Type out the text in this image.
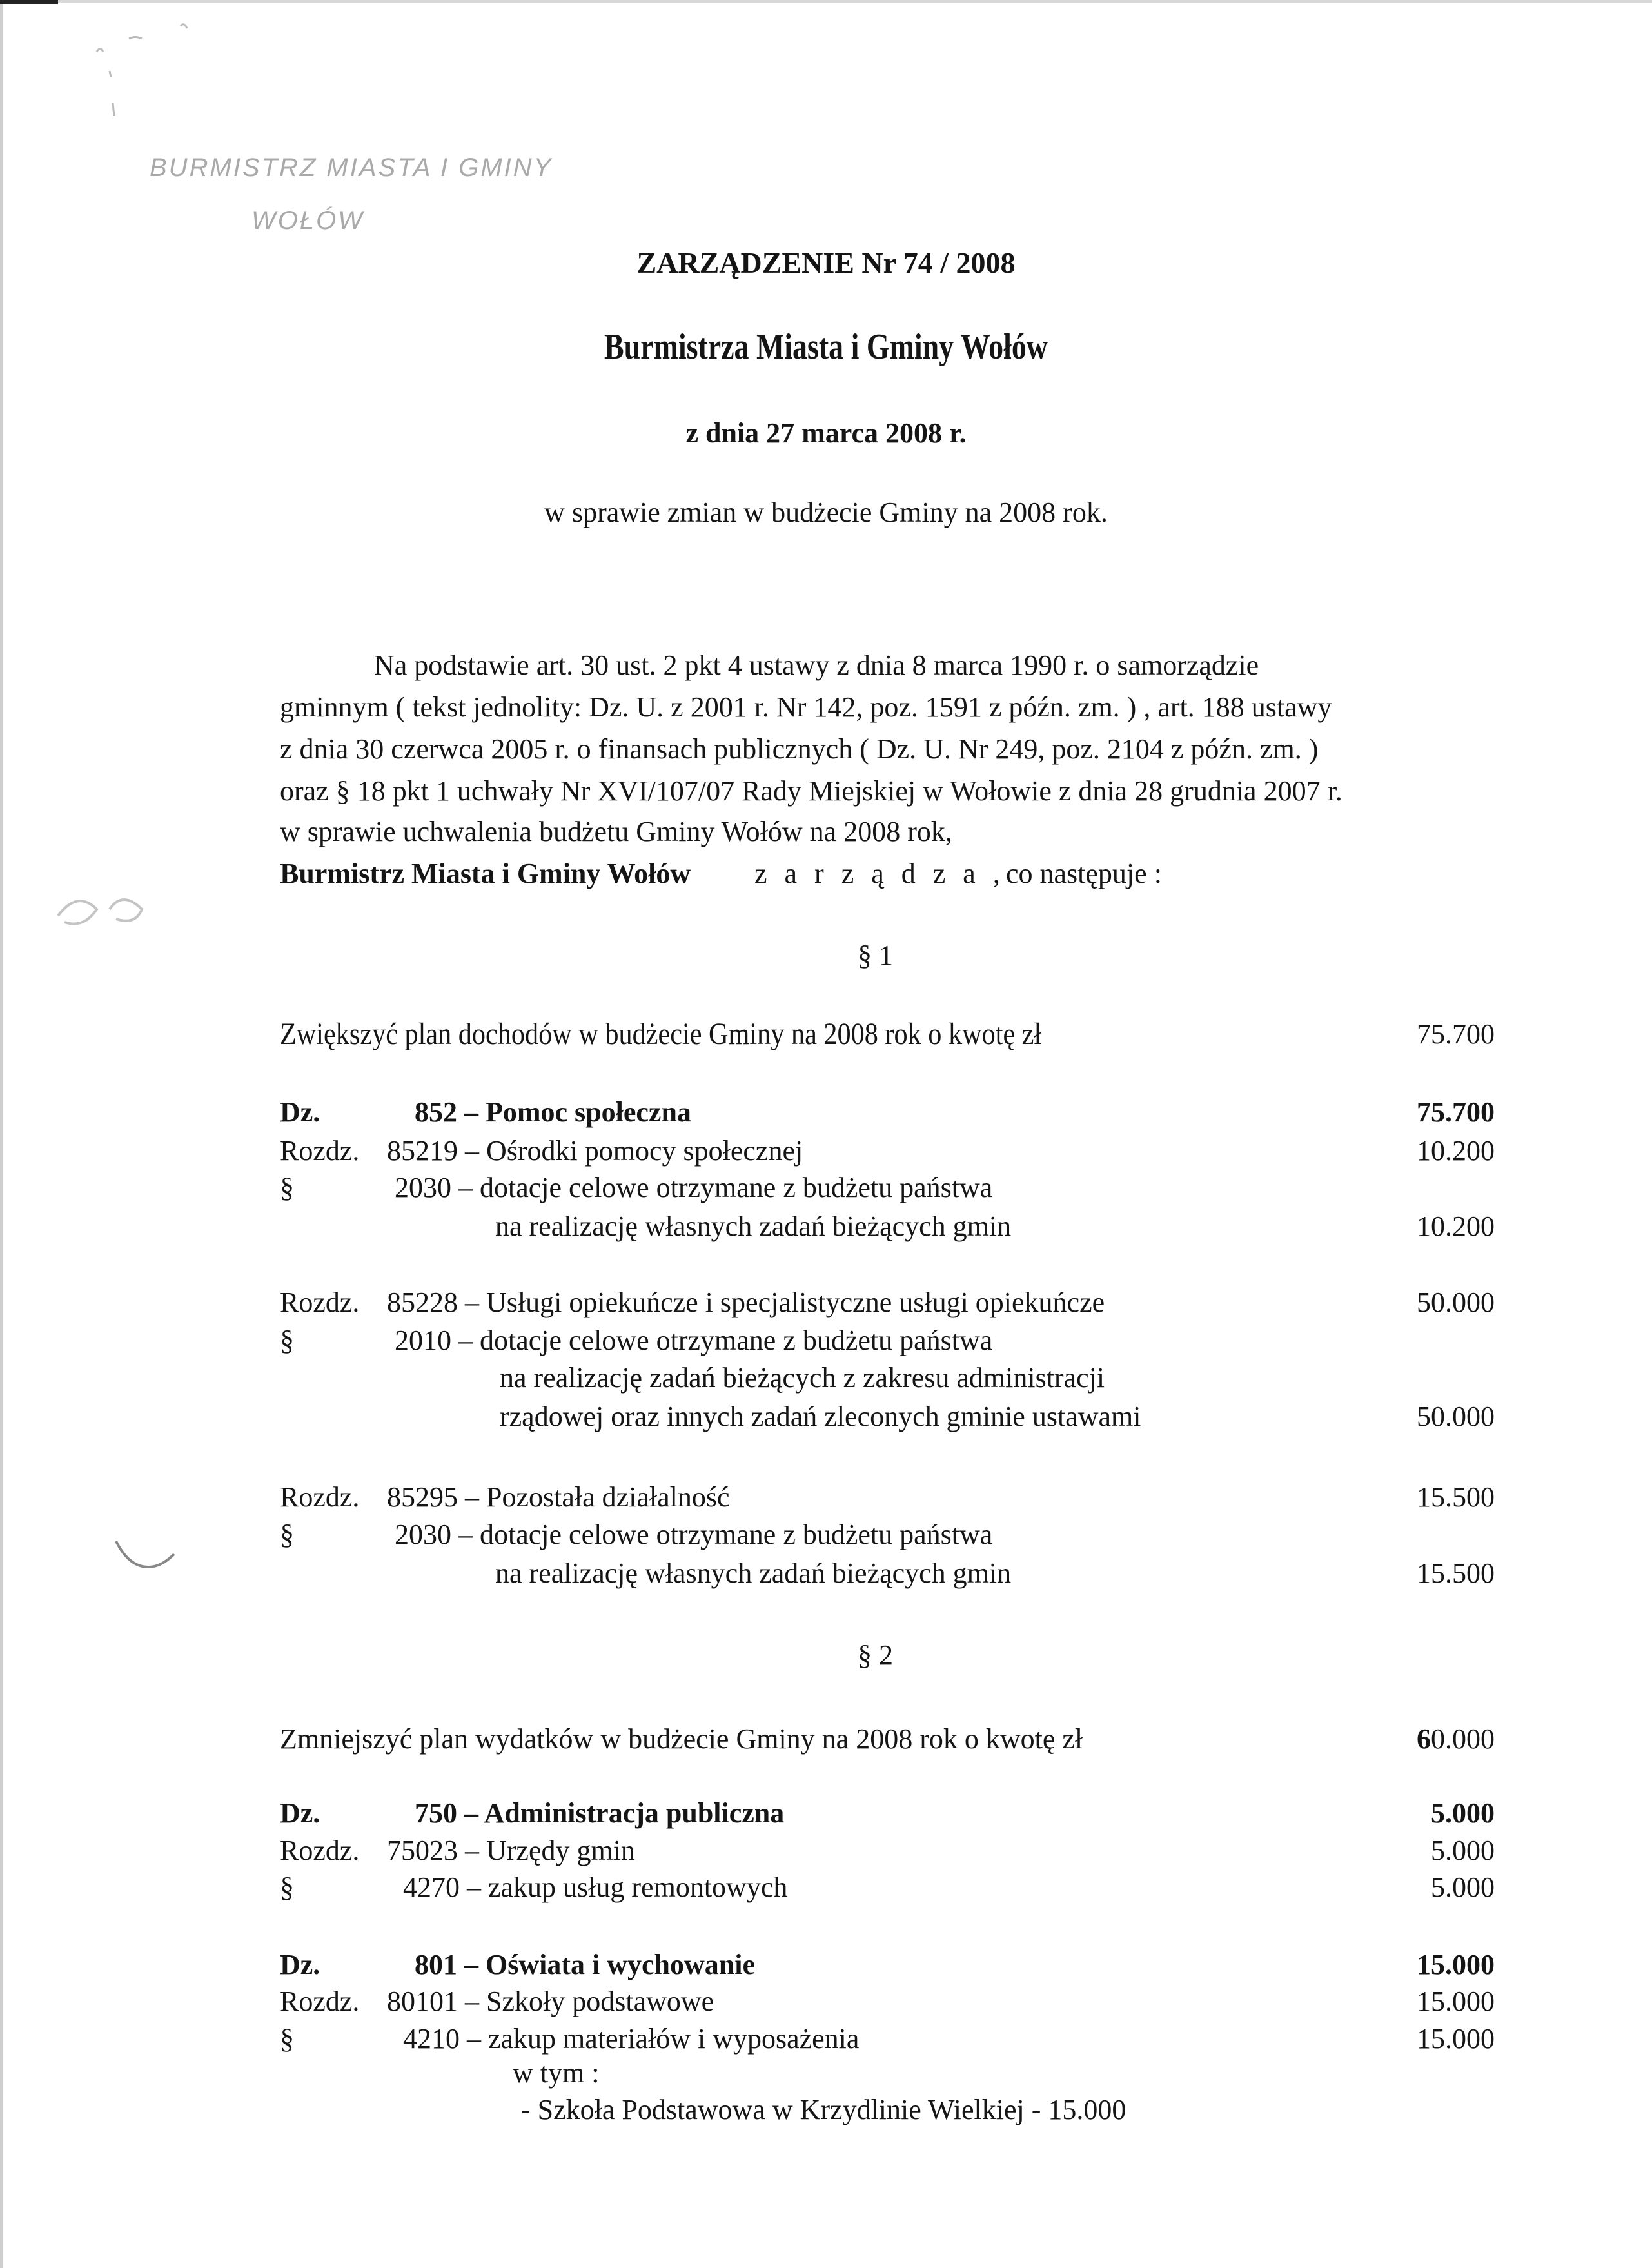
BURMISTRZ MIASTA I GMINY
WOŁÓW
ZARZĄDZENIE Nr 74 / 2008
Burmistrza Miasta i Gminy Wołów
z dnia 27 marca 2008 r.
w sprawie zmian w budżecie Gminy na 2008 rok.
Na podstawie art. 30 ust. 2 pkt 4 ustawy z dnia 8 marca 1990 r. o samorządzie
gminnym ( tekst jednolity: Dz. U. z 2001 r. Nr 142, poz. 1591 z późn. zm. ) , art. 188 ustawy
z dnia 30 czerwca 2005 r. o finansach publicznych ( Dz. U. Nr 249, poz. 2104 z późn. zm. )
oraz § 18 pkt 1 uchwały Nr XVI/107/07 Rady Miejskiej w Wołowie z dnia 28 grudnia 2007 r.
w sprawie uchwalenia budżetu Gminy Wołów na 2008 rok,
Burmistrz Miasta i Gminy Wołów z a r z ą d z a , co następuje :
§ 1
Zwiększyć plan dochodów w budżecie Gminy na 2008 rok o kwotę zł	75.700
Dz.	852 – Pomoc społeczna	75.700
Rozdz. 85219 – Ośrodki pomocy społecznej	10.200
§	2030 – dotacje celowe otrzymane z budżetu państwa
na realizację własnych zadań bieżących gmin	10.200
Rozdz. 85228 – Usługi opiekuńcze i specjalistyczne usługi opiekuńcze	50.000
§	2010 – dotacje celowe otrzymane z budżetu państwa
na realizację zadań bieżących z zakresu administracji
rządowej oraz innych zadań zleconych gminie ustawami	50.000
Rozdz. 85295 – Pozostała działalność	15.500
§	2030 – dotacje celowe otrzymane z budżetu państwa
na realizację własnych zadań bieżących gmin	15.500
§ 2
Zmniejszyć plan wydatków w budżecie Gminy na 2008 rok o kwotę zł	60.000
Dz.	750 – Administracja publiczna	5.000
Rozdz. 75023 – Urzędy gmin	5.000
§	4270 – zakup usług remontowych	5.000
Dz.	801 – Oświata i wychowanie	15.000
Rozdz. 80101 – Szkoły podstawowe	15.000
§	4210 – zakup materiałów i wyposażenia	15.000
w tym :
- Szkoła Podstawowa w Krzydlinie Wielkiej - 15.000
